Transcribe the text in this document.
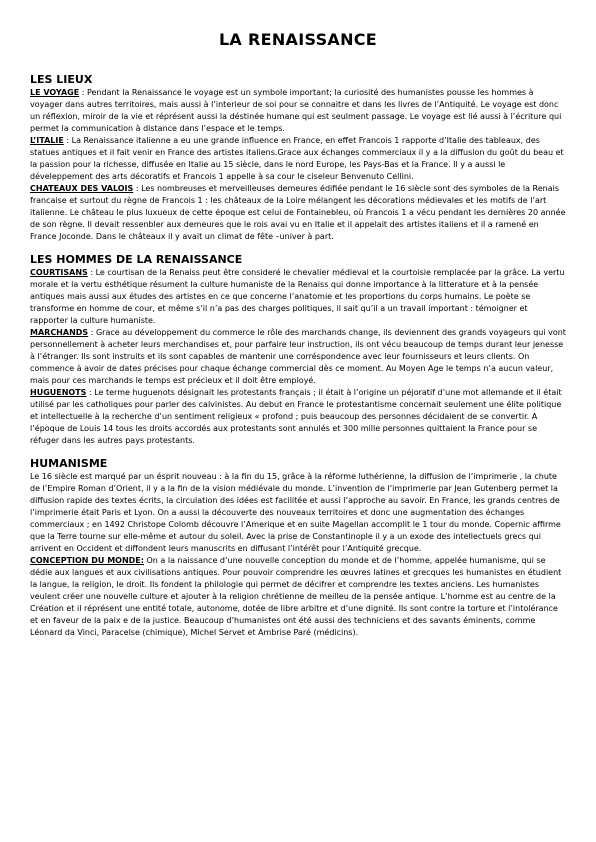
LA RENAISSANCE
LES LIEUX

LE VOYAGE : Pendant la Renaissance le voyage est un symbole important; la curiosité des humanistes pousse les hommes à voyager dans autres territoires, mais aussi à l’interieur de soi pour se connaitre et dans les livres de l’Antiquité. Le voyage est donc un réflexion, miroir de la vie et réprésent aussi la déstinée humane qui est seulment passage. Le voyage est lié aussi à l’écriture qui permet la communication à distance dans l’espace et le temps.

L’ITALIE : La Renaissance italienne a eu une grande influence en France, en effet Francois 1 rapporte d’Italie des tableaux, des statues antiques et il fait venir en France des artistes italiens.Grace aux échanges commerciaux il y a la diffusion du goût du beau et la passion pour la richesse, diffusée en Italie au 15 siècle, dans le nord Europe, les Pays-Bas et la France. Il y a aussi le déveleppement des arts décoratifs et Francois 1 appelle à sa cour le ciseleur Benvenuto Cellini.

CHATEAUX DES VALOIS : Les nombreuses et merveilleuses demeures édifiée pendant le 16 siècle sont des symboles de la Renais francaise et surtout du règne de Francois 1 : les châteaux de la Loire mélangent les décorations médievales et les motifs de l’art italienne. Le château le plus luxueux de cette époque est celui de Fontainebleu, où Francois 1 a vécu pendant les dernières 20 année de son règne. Il devait ressenbler aux demeures que le rois avai vu en Italie et il appelait des artistes italiens et il a ramené en France Joconde. Dans le châteaux il y avait un climat de fête –univer à part.

LES HOMMES DE LA RENAISSANCE

COURTISANS : Le courtisan de la Renaiss peut être consideré le chevalier médieval et la courtoisie remplacée par la grâce. La vertu morale et la vertu esthétique résument la culture humaniste de la Renaiss qui donne importance à la litterature et à la pensée antiques mais aussi aux études des artistes en ce que concerne l’anatomie et les proportions du corps humains. Le poète se transforme en homme de cour, et même s’il n’a pas des charges politiques, il sait qu’il a un travail important : témoigner et rapporter la culture humaniste.

MARCHANDS : Grace au développement du commerce le rôle des marchands change, ils deviennent des grands voyageurs qui vont personnellement à acheter leurs merchandises et, pour parfaire leur instruction, ils ont vécu beaucoup de temps durant leur jenesse à l’étranger. Ils sont instruits et ils sont capables de mantenir une corréspondence avec leur fournisseurs et leurs clients. On commence à avoir de dates précises pour chaque échange commercial dès ce moment. Au Moyen Age le temps n’a aucun valeur, mais pour ces marchands le temps est précieux et il doit être employé.

HUGUENOTS : Le terme huguenots désignait les protestants français ; il était à l’origine un péjoratif d’une mot allemande et il était utilisé par les catholiques pour parler des calvinistes. Au debut en France le protestantisme concernait seulement une élite politique et intellectuelle à la recherche d’un sentiment religieux « profond ; puis beaucoup des personnes décidaient de se convertir. A l’époque de Louis 14 tous les droits accordés aux protestants sont annulés et 300 mille personnes quittaient la France pour se réfuger dans les autres pays protestants.

HUMANISME

Le 16 siècle est marqué par un ésprit nouveau : à la fin du 15, grâce à la réforme luthérienne, la diffusion de l’imprimerie , la chute de l’Empire Roman d’Orient, il y a la fin de la vision médiévale du monde. L’invention de l’imprimerie par Jean Gutenberg permet la diffusion rapide des textes écrits, la circulation des idées est facilitée et aussi l’approche au savoir. En France, les grands centres de l’imprimerie était Paris et Lyon. On a aussi la découverte des nouveaux territoires et donc une augmentation des échanges commerciaux ; en 1492 Christope Colomb découvre l’Amerique et en suite Magellan accomplit le 1 tour du monde. Copernic affirme que la Terre tourne sur elle-même et autour du soleil. Avec la prise de Constantinople il y a un exode des intellectuels grecs qui arrivent en Occident et diffondent leurs manuscrits en diffusant l’intérêt pour l’Antiquité grecque.

CONCEPTION DU MONDE: On a la naissance d’une nouvelle conception du monde et de l’homme, appelée humanisme, qui se dédie aux langues et aux civilisations antiques. Pour pouvoir comprendre les œuvres latines et grecques les humanistes en étudient la langue, la religion, le droit. Ils fondent la philologie qui permet de décifrer et comprendre les textes anciens. Les humanistes veulent créer une nouvelle culture et ajouter à la religion chrétienne de meilleu de la pensée antique. L’homme est au centre de la Création et il réprésent une entité totale, autonome, dotée de libre arbitre et d’une dignité. Ils sont contre la torture et l’intolérance et en faveur de la paix e de la justice. Beaucoup d’humanistes ont été aussi des techniciens et des savants éminents, comme Léonard da Vinci, Paracelse (chimique), Michel Servet et Ambrise Paré (médicins).
